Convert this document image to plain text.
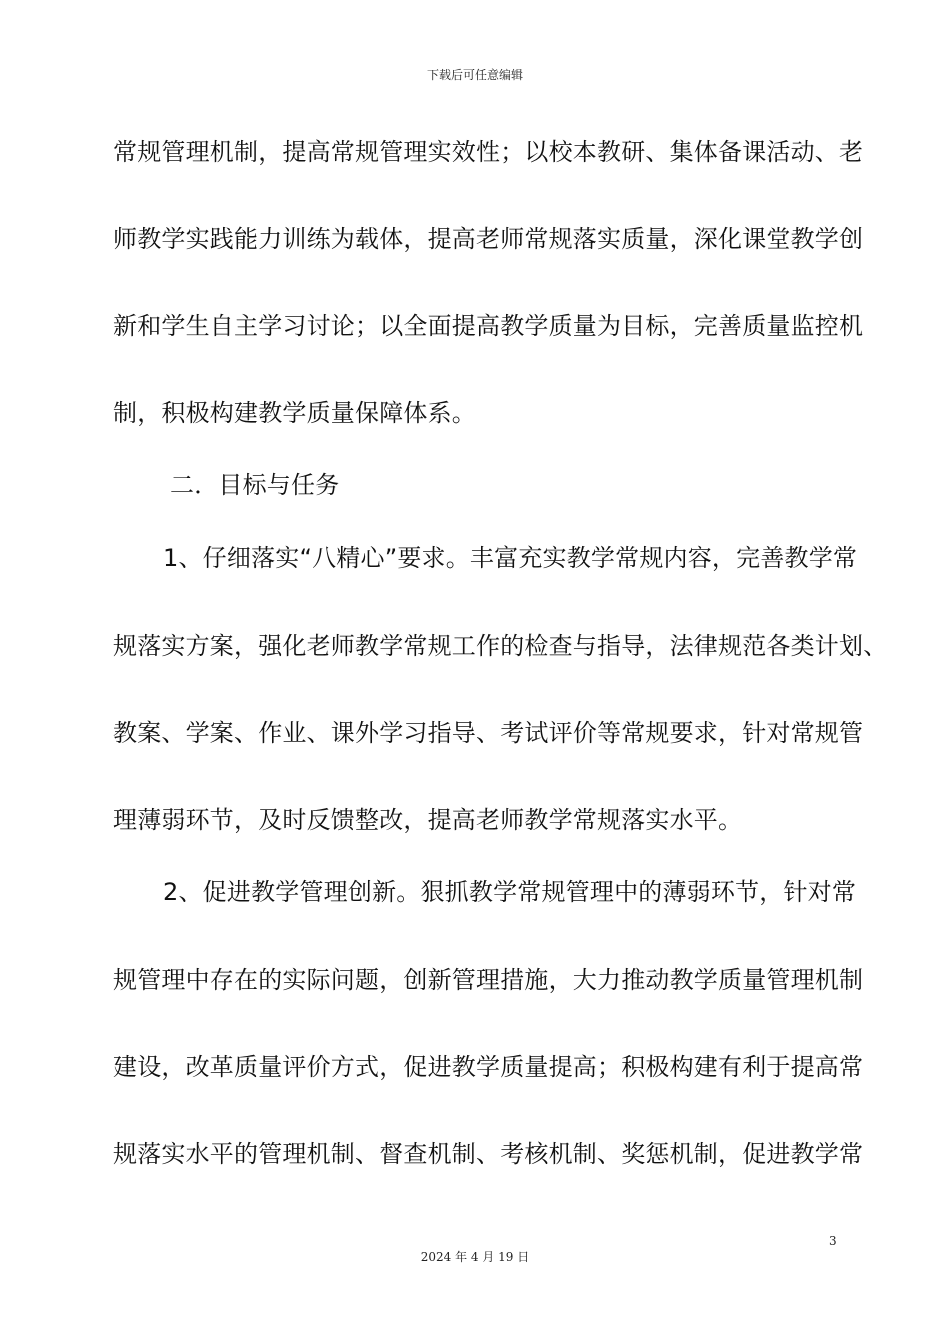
下载后可任意编辑
常规管理机制，提高常规管理实效性；以校本教研、集体备课活动、老
师教学实践能力训练为载体，提高老师常规落实质量，深化课堂教学创
新和学生自主学习讨论；以全面提高教学质量为目标，完善质量监控机
制，积极构建教学质量保障体系。
二．目标与任务
1、仔细落实“八精心”要求。丰富充实教学常规内容，完善教学常
规落实方案，强化老师教学常规工作的检查与指导，法律规范各类计划、
教案、学案、作业、课外学习指导、考试评价等常规要求，针对常规管
理薄弱环节，及时反馈整改，提高老师教学常规落实水平。
2、促进教学管理创新。狠抓教学常规管理中的薄弱环节，针对常
规管理中存在的实际问题，创新管理措施，大力推动教学质量管理机制
建设，改革质量评价方式，促进教学质量提高；积极构建有利于提高常
规落实水平的管理机制、督查机制、考核机制、奖惩机制，促进教学常
3
2024 年 4 月 19 日
